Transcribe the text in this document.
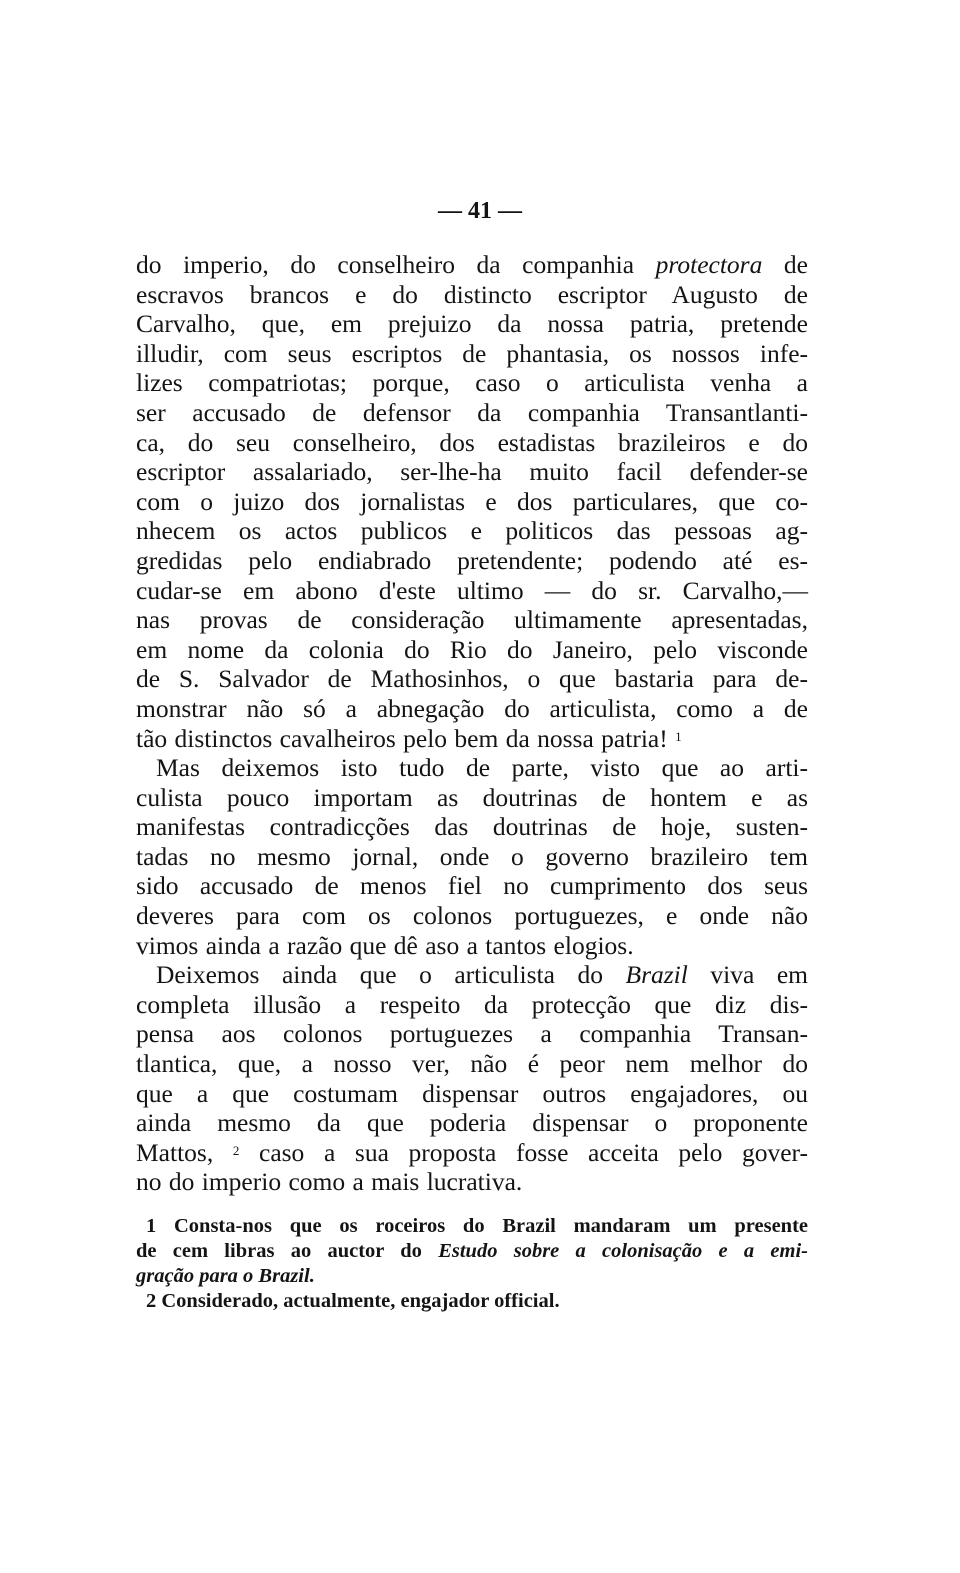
— 41 —
do imperio, do conselheiro da companhia protectora de
escravos brancos e do distincto escriptor Augusto de
Carvalho, que, em prejuizo da nossa patria, pretende
illudir, com seus escriptos de phantasia, os nossos infe-
lizes compatriotas; porque, caso o articulista venha a
ser accusado de defensor da companhia Transantlanti-
ca, do seu conselheiro, dos estadistas brazileiros e do
escriptor assalariado, ser-lhe-ha muito facil defender-se
com o juizo dos jornalistas e dos particulares, que co-
nhecem os actos publicos e politicos das pessoas ag-
gredidas pelo endiabrado pretendente; podendo até es-
cudar-se em abono d'este ultimo — do sr. Carvalho,—
nas provas de consideração ultimamente apresentadas,
em nome da colonia do Rio do Janeiro, pelo visconde
de S. Salvador de Mathosinhos, o que bastaria para de-
monstrar não só a abnegação do articulista, como a de
tão distinctos cavalheiros pelo bem da nossa patria! $^1$
Mas deixemos isto tudo de parte, visto que ao arti-
culista pouco importam as doutrinas de hontem e as
manifestas contradicções das doutrinas de hoje, susten-
tadas no mesmo jornal, onde o governo brazileiro tem
sido accusado de menos fiel no cumprimento dos seus
deveres para com os colonos portuguezes, e onde não
vimos ainda a razão que dê aso a tantos elogios.
Deixemos ainda que o articulista do Brazil viva em
completa illusão a respeito da protecção que diz dis-
pensa aos colonos portuguezes a companhia Transan-
tlantica, que, a nosso ver, não é peor nem melhor do
que a que costumam dispensar outros engajadores, ou
ainda mesmo da que poderia dispensar o proponente
Mattos, $^2$ caso a sua proposta fosse acceita pelo gover-
no do imperio como a mais lucrativa.
1 Consta-nos que os roceiros do Brazil mandaram um presente
de cem libras ao auctor do Estudo sobre a colonisação e a emi-
gração para o Brazil.
2 Considerado, actualmente, engajador official.
